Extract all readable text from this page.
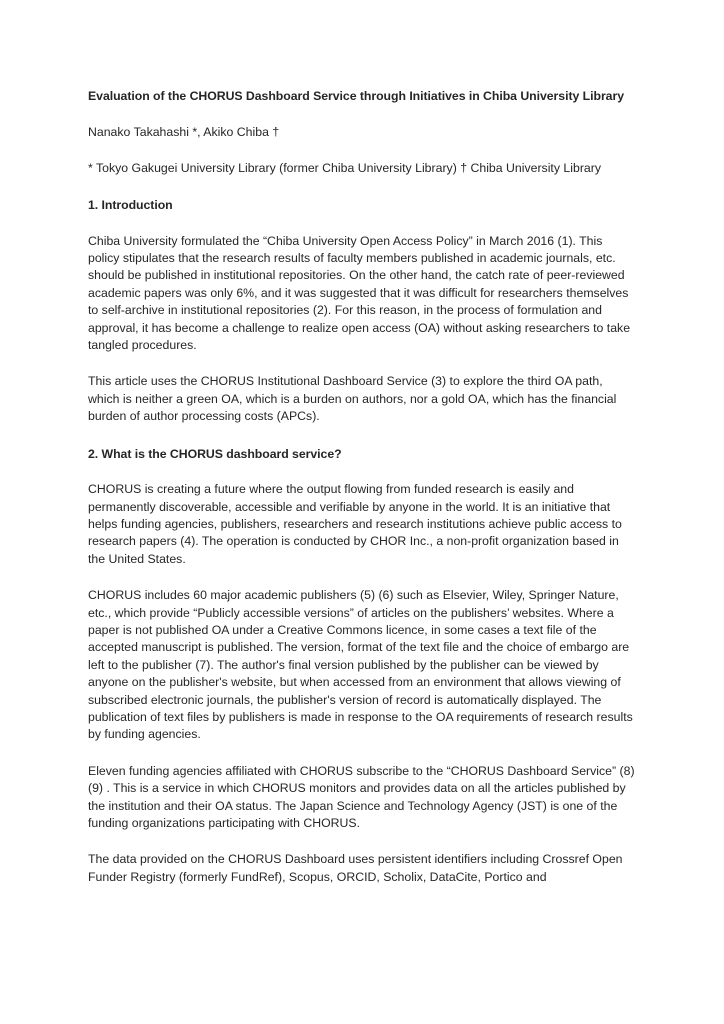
Evaluation of the CHORUS Dashboard Service through Initiatives in Chiba University Library

Nanako Takahashi *, Akiko Chiba †

* Tokyo Gakugei University Library (former Chiba University Library) † Chiba University Library

1. Introduction

Chiba University formulated the “Chiba University Open Access Policy” in March 2016 (1). This policy stipulates that the research results of faculty members published in academic journals, etc. should be published in institutional repositories. On the other hand, the catch rate of peer-reviewed academic papers was only 6%, and it was suggested that it was difficult for researchers themselves to self-archive in institutional repositories (2). For this reason, in the process of formulation and approval, it has become a challenge to realize open access (OA) without asking researchers to take tangled procedures.

This article uses the CHORUS Institutional Dashboard Service (3) to explore the third OA path, which is neither a green OA, which is a burden on authors, nor a gold OA, which has the financial burden of author processing costs (APCs).

2. What is the CHORUS dashboard service?

CHORUS is creating a future where the output flowing from funded research is easily and permanently discoverable, accessible and verifiable by anyone in the world. It is an initiative that helps funding agencies, publishers, researchers and research institutions achieve public access to research papers (4). The operation is conducted by CHOR Inc., a non-profit organization based in the United States.

CHORUS includes 60 major academic publishers (5) (6) such as Elsevier, Wiley, Springer Nature, etc., which provide “Publicly accessible versions” of articles on the publishers’ websites. Where a paper is not published OA under a Creative Commons licence, in some cases a text file of the accepted manuscript is published. The version, format of the text file and the choice of embargo are left to the publisher (7). The author's final version published by the publisher can be viewed by anyone on the publisher's website, but when accessed from an environment that allows viewing of subscribed electronic journals, the publisher's version of record is automatically displayed. The publication of text files by publishers is made in response to the OA requirements of research results by funding agencies.

Eleven funding agencies affiliated with CHORUS subscribe to the “CHORUS Dashboard Service” (8) (9) . This is a service in which CHORUS monitors and provides data on all the articles published by the institution and their OA status. The Japan Science and Technology Agency (JST) is one of the funding organizations participating with CHORUS.

The data provided on the CHORUS Dashboard uses persistent identifiers including Crossref Open Funder Registry (formerly FundRef), Scopus, ORCID, Scholix, DataCite, Portico and
